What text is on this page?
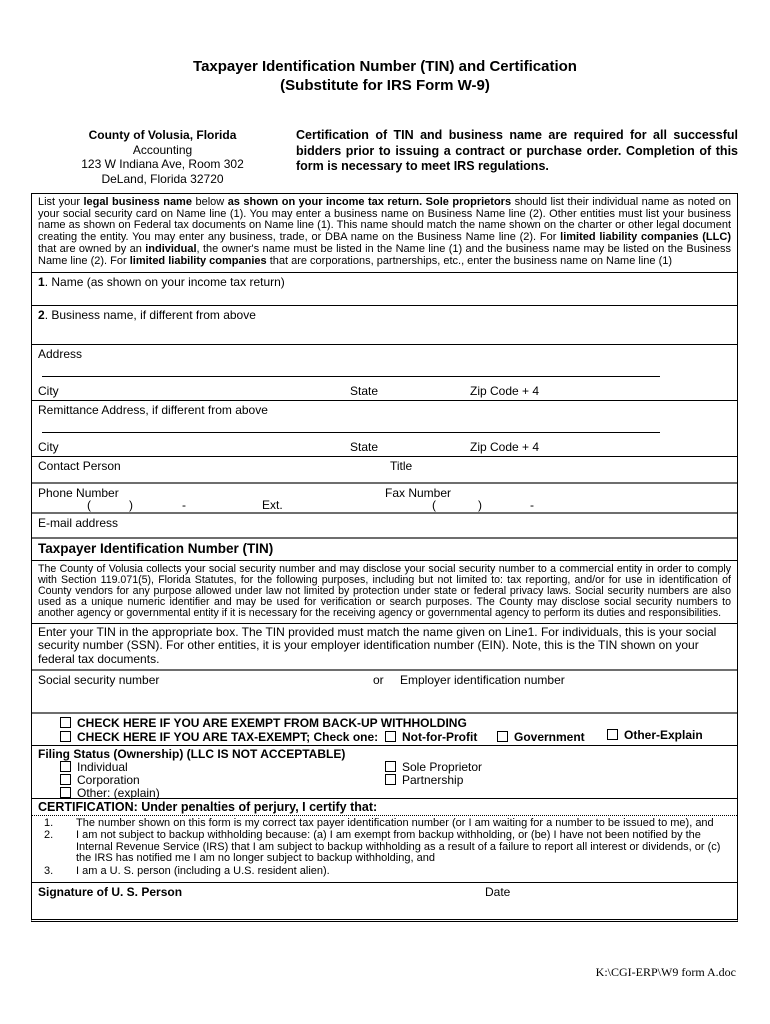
Taxpayer Identification Number (TIN) and Certification
(Substitute for IRS Form W-9)
County of Volusia, Florida
Accounting
123 W Indiana Ave, Room 302
DeLand, Florida 32720
Certification of TIN and business name are required for all successful bidders prior to issuing a contract or purchase order. Completion of this form is necessary to meet IRS regulations.
List your legal business name below as shown on your income tax return. Sole proprietors should list their individual name as noted on your social security card on Name line (1). You may enter a business name on Business Name line (2). Other entities must list your business name as shown on Federal tax documents on Name line (1). This name should match the name shown on the charter or other legal document creating the entity. You may enter any business, trade, or DBA name on the Business Name line (2). For limited liability companies (LLC) that are owned by an individual, the owner's name must be listed in the Name line (1) and the business name may be listed on the Business Name line (2). For limited liability companies that are corporations, partnerships, etc., enter the business name on Name line (1)
1. Name (as shown on your income tax return)
2. Business name, if different from above
Address
City	State	Zip Code + 4
Remittance Address, if different from above
City	State	Zip Code + 4
Contact Person	Title
Phone Number	Fax Number
(	)	-	Ext.	(	)	-
E-mail address
Taxpayer Identification Number (TIN)
The County of Volusia collects your social security number and may disclose your social security number to a commercial entity in order to comply with Section 119.071(5), Florida Statutes, for the following purposes, including but not limited to: tax reporting, and/or for use in identification of County vendors for any purpose allowed under law not limited by protection under state or federal privacy laws. Social security numbers are also used as a unique numeric identifier and may be used for verification or search purposes. The County may disclose social security numbers to another agency or governmental entity if it is necessary for the receiving agency or governmental agency to perform its duties and responsibilities.
Enter your TIN in the appropriate box. The TIN provided must match the name given on Line1. For individuals, this is your social security number (SSN). For other entities, it is your employer identification number (EIN). Note, this is the TIN shown on your federal tax documents.
Social security number	or Employer identification number
CHECK HERE IF YOU ARE EXEMPT FROM BACK-UP WITHHOLDING
CHECK HERE IF YOU ARE TAX-EXEMPT; Check one:	Not-for-Profit	Government	Other-Explain
Filing Status (Ownership) (LLC IS NOT ACCEPTABLE)
Individual
Corporation
Other: (explain)
Sole Proprietor
Partnership
CERTIFICATION: Under penalties of perjury, I certify that:
1. The number shown on this form is my correct tax payer identification number (or I am waiting for a number to be issued to me), and
2. I am not subject to backup withholding because: (a) I am exempt from backup withholding, or (be) I have not been notified by the Internal Revenue Service (IRS) that I am subject to backup withholding as a result of a failure to report all interest or dividends, or (c) the IRS has notified me I am no longer subject to backup withholding, and
3. I am a U. S. person (including a U.S. resident alien).
Signature of U. S. Person	Date
K:\CGI-ERP\W9 form A.doc
